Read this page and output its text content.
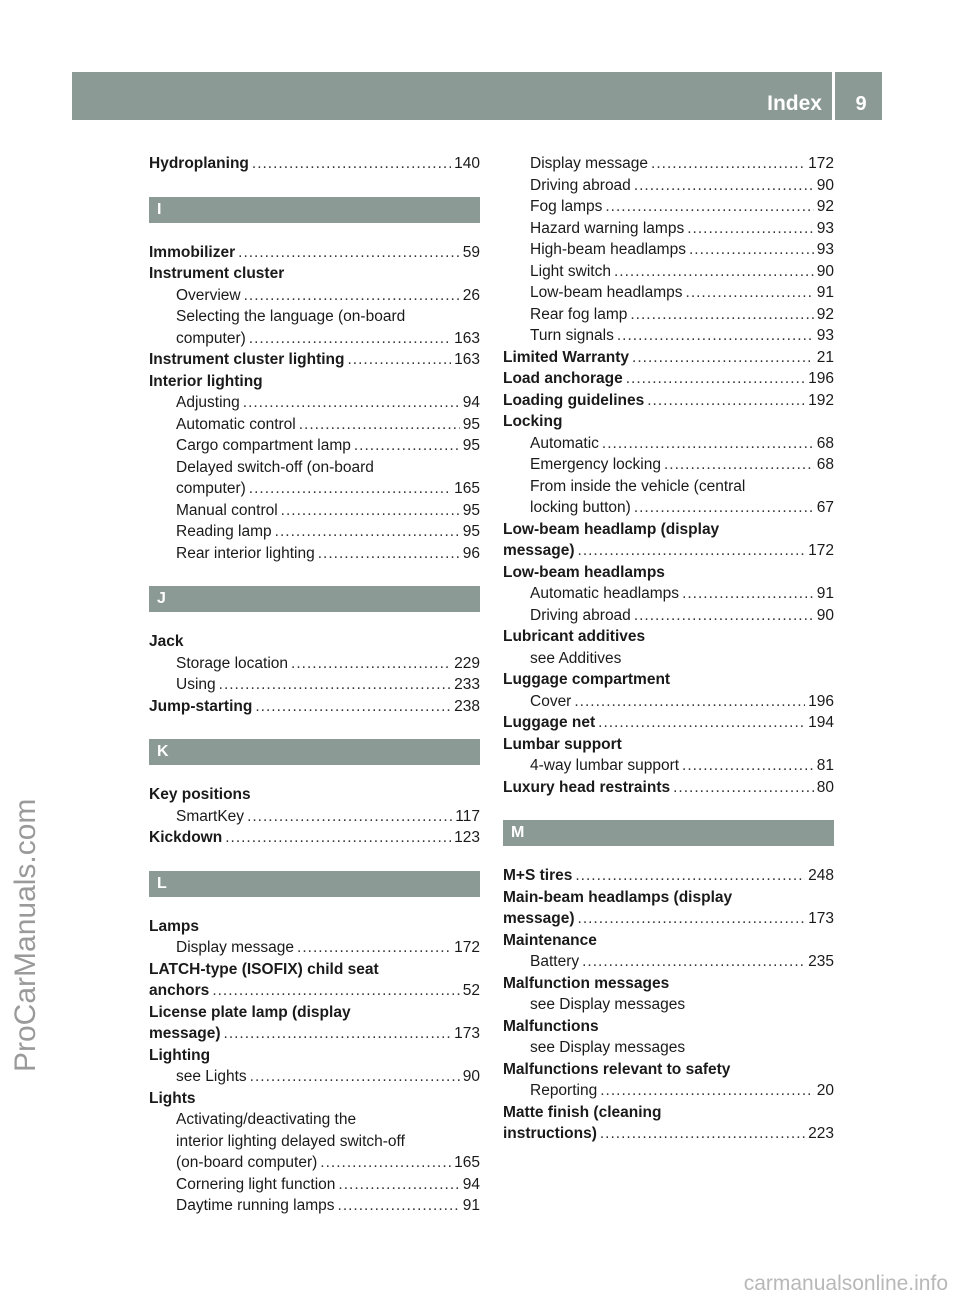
Index	9
ProCarManuals.com
carmanualsonline.info
Hydroplaning .....	140
I
Immobilizer .....	59
Instrument cluster
Overview .....	26
Selecting the language (on-board
computer) .....	163
Instrument cluster lighting .....	163
Interior lighting
Adjusting .....	94
Automatic control .....	95
Cargo compartment lamp .....	95
Delayed switch-off (on-board
computer) .....	165
Manual control .....	95
Reading lamp .....	95
Rear interior lighting .....	96
J
Jack
Storage location .....	229
Using .....	233
Jump-starting .....	238
K
Key positions
SmartKey .....	117
Kickdown .....	123
L
Lamps
Display message .....	172
LATCH-type (ISOFIX) child seat
anchors .....	52
License plate lamp (display
message) .....	173
Lighting
see Lights .....	90
Lights
Activating/deactivating the
interior lighting delayed switch-off
(on-board computer) .....	165
Cornering light function .....	94
Daytime running lamps .....	91
Display message .....	172
Driving abroad .....	90
Fog lamps .....	92
Hazard warning lamps .....	93
High-beam headlamps .....	93
Light switch .....	90
Low-beam headlamps .....	91
Rear fog lamp .....	92
Turn signals .....	93
Limited Warranty .....	21
Load anchorage .....	196
Loading guidelines .....	192
Locking
Automatic .....	68
Emergency locking .....	68
From inside the vehicle (central
locking button) .....	67
Low-beam headlamp (display
message) .....	172
Low-beam headlamps
Automatic headlamps .....	91
Driving abroad .....	90
Lubricant additives
see Additives
Luggage compartment
Cover .....	196
Luggage net .....	194
Lumbar support
4-way lumbar support .....	81
Luxury head restraints .....	80
M
M+S tires .....	248
Main-beam headlamps (display
message) .....	173
Maintenance
Battery .....	235
Malfunction messages
see Display messages
Malfunctions
see Display messages
Malfunctions relevant to safety
Reporting .....	20
Matte finish (cleaning
instructions) .....	223
